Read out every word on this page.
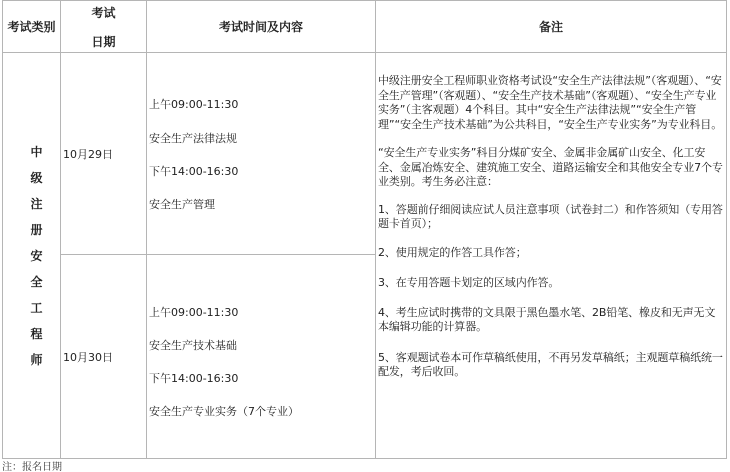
考试类别
考试
日期
考试时间及内容	备注
中
级
注
册
安
全
工
程
师
10月29日
上午09:00-11:30
安全生产法律法规
下午14:00-16:30
安全生产管理
10月30日
上午09:00-11:30
安全生产技术基础
下午14:00-16:30
安全生产专业实务（7个专业）

中级注册安全工程师职业资格考试设“安全生产法律法规”（客观题）、“安全生产管理”（客观题）、“安全生产技术基础”（客观题）、“安全生产专业实务”（主客观题）4个科目。其中“安全生产法律法规”“安全生产管理”“安全生产技术基础”为公共科目，“安全生产专业实务”为专业科目。

“安全生产专业实务”科目分煤矿安全、金属非金属矿山安全、化工安全、金属冶炼安全、建筑施工安全、道路运输安全和其他安全专业7个专业类别。考生务必注意：

1、答题前仔细阅读应试人员注意事项（试卷封二）和作答须知（专用答题卡首页）；

2、使用规定的作答工具作答；

3、在专用答题卡划定的区域内作答。

4、考生应试时携带的文具限于黑色墨水笔、2B铅笔、橡皮和无声无文本编辑功能的计算器。

5、客观题试卷本可作草稿纸使用，不再另发草稿纸；主观题草稿纸统一配发，考后收回。

注：报名日期
